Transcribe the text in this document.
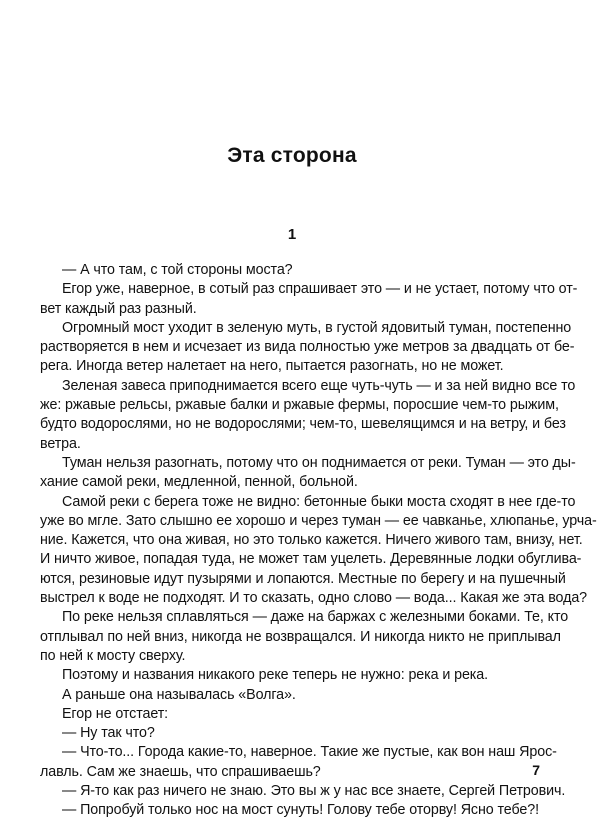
Эта сторона
1
— А что там, с той стороны моста?
Егор уже, наверное, в сотый раз спрашивает это — и не устает, потому что от-
вет каждый раз разный.
Огромный мост уходит в зеленую муть, в густой ядовитый туман, постепенно
растворяется в нем и исчезает из вида полностью уже метров за двадцать от бе-
рега. Иногда ветер налетает на него, пытается разогнать, но не может.
Зеленая завеса приподнимается всего еще чуть-чуть — и за ней видно все то
же: ржавые рельсы, ржавые балки и ржавые фермы, поросшие чем-то рыжим,
будто водорослями, но не водорослями; чем-то, шевелящимся и на ветру, и без
ветра.
Туман нельзя разогнать, потому что он поднимается от реки. Туман — это ды-
хание самой реки, медленной, пенной, больной.
Самой реки с берега тоже не видно: бетонные быки моста сходят в нее где-то
уже во мгле. Зато слышно ее хорошо и через туман — ее чавканье, хлюпанье, урча-
ние. Кажется, что она живая, но это только кажется. Ничего живого там, внизу, нет.
И ничто живое, попадая туда, не может там уцелеть. Деревянные лодки обуглива-
ются, резиновые идут пузырями и лопаются. Местные по берегу и на пушечный
выстрел к воде не подходят. И то сказать, одно слово — вода... Какая же эта вода?
По реке нельзя сплавляться — даже на баржах с железными боками. Те, кто
отплывал по ней вниз, никогда не возвращался. И никогда никто не приплывал
по ней к мосту сверху.
Поэтому и названия никакого реке теперь не нужно: река и река.
А раньше она называлась «Волга».
Егор не отстает:
— Ну так что?
— Что-то... Города какие-то, наверное. Такие же пустые, как вон наш Ярос-
лавль. Сам же знаешь, что спрашиваешь?
— Я-то как раз ничего не знаю. Это вы ж у нас все знаете, Сергей Петрович.
— Попробуй только нос на мост сунуть! Голову тебе оторву! Ясно тебе?!
7
